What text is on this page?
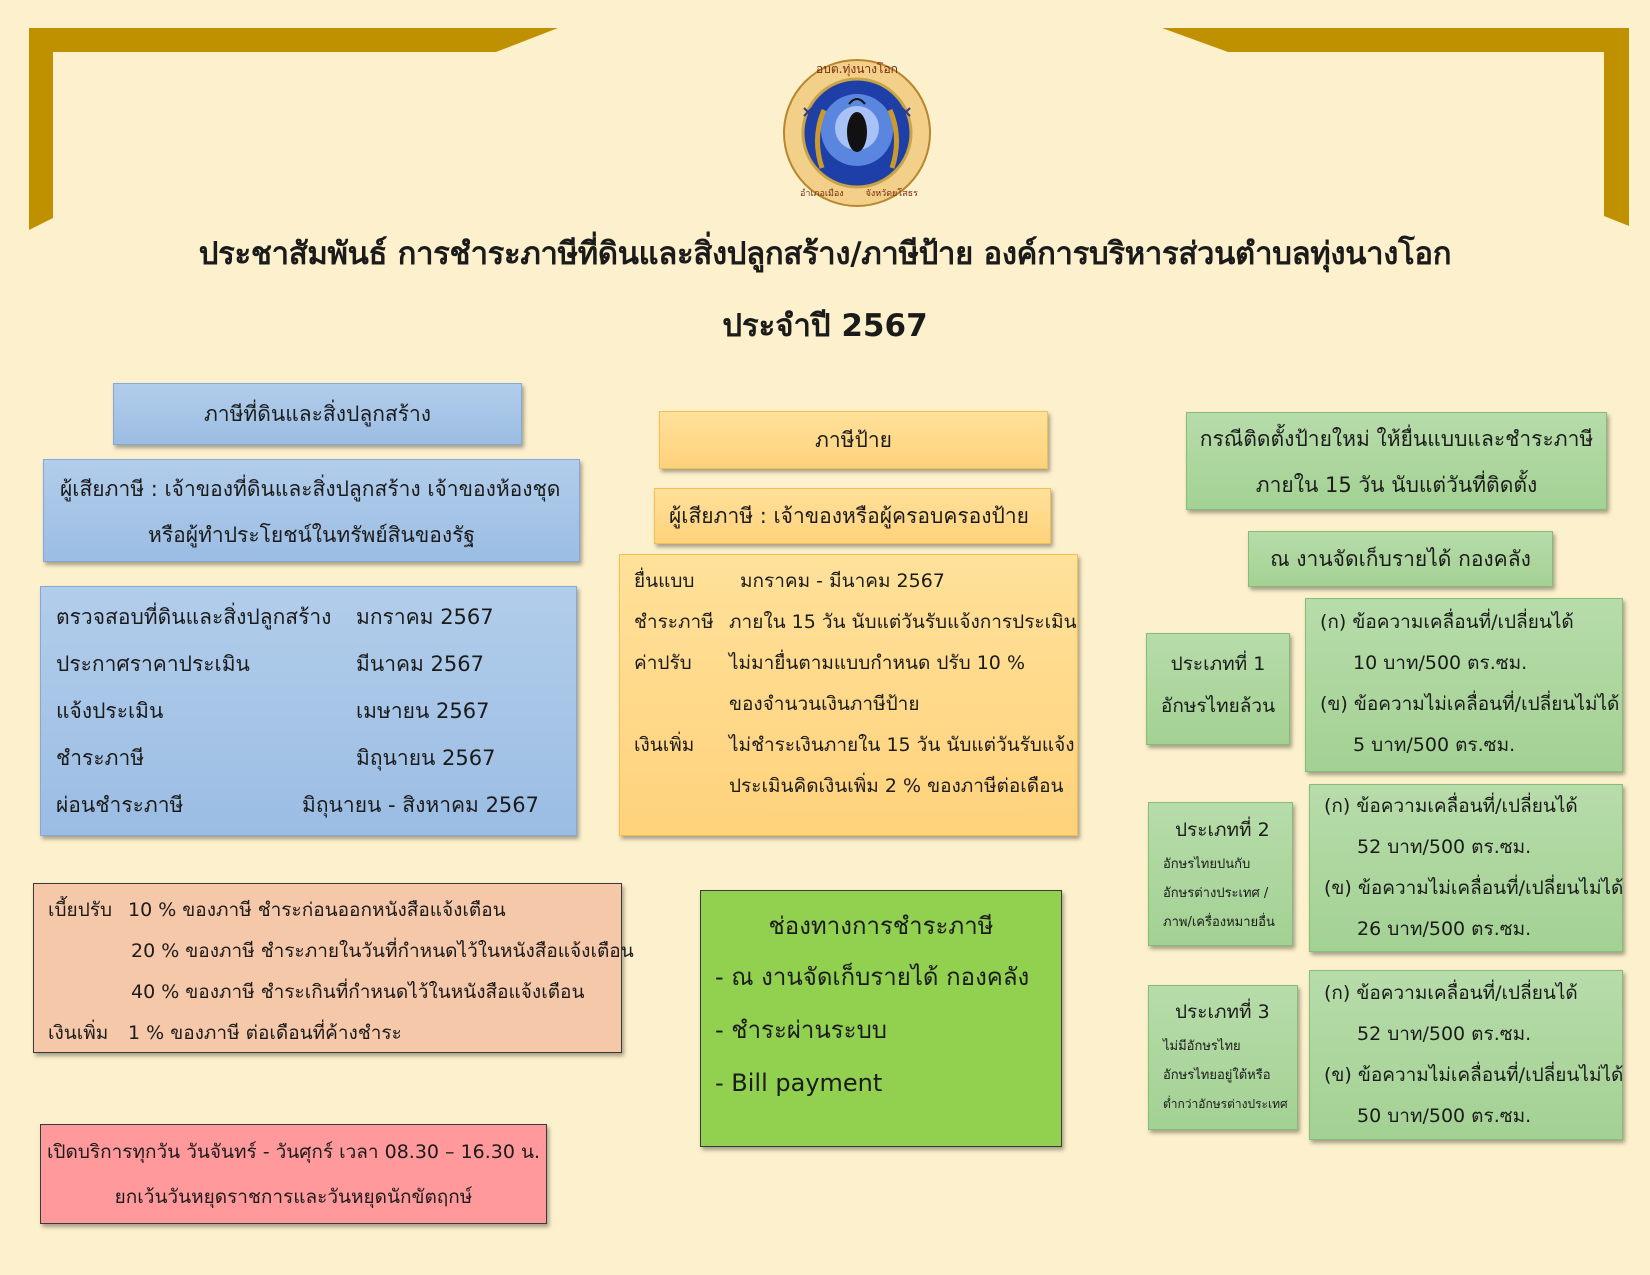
อบต.ทุ่งนางโอก
อำเภอเมือง จังหวัดยโสธร
ประชาสัมพันธ์ การชำระภาษีที่ดินและสิ่งปลูกสร้าง/ภาษีป้าย องค์การบริหารส่วนตำบลทุ่งนางโอก
ประจำปี 2567
ภาษีที่ดินและสิ่งปลูกสร้าง
ผู้เสียภาษี : เจ้าของที่ดินและสิ่งปลูกสร้าง เจ้าของห้องชุด
หรือผู้ทำประโยชน์ในทรัพย์สินของรัฐ
ตรวจสอบที่ดินและสิ่งปลูกสร้าง	มกราคม 2567
ประกาศราคาประเมิน	มีนาคม 2567
แจ้งประเมิน	เมษายน 2567
ชำระภาษี	มิถุนายน 2567
ผ่อนชำระภาษี	มิถุนายน - สิงหาคม 2567
เบี้ยปรับ 10 % ของภาษี ชำระก่อนออกหนังสือแจ้งเตือน
20 % ของภาษี ชำระภายในวันที่กำหนดไว้ในหนังสือแจ้งเตือน
40 % ของภาษี ชำระเกินที่กำหนดไว้ในหนังสือแจ้งเตือน
เงินเพิ่ม 1 % ของภาษี ต่อเดือนที่ค้างชำระ
เปิดบริการทุกวัน วันจันทร์ - วันศุกร์ เวลา 08.30 – 16.30 น.
ยกเว้นวันหยุดราชการและวันหยุดนักขัตฤกษ์
ภาษีป้าย
ผู้เสียภาษี : เจ้าของหรือผู้ครอบครองป้าย
ยื่นแบบ	มกราคม - มีนาคม 2567
ชำระภาษี ภายใน 15 วัน นับแต่วันรับแจ้งการประเมิน
ค่าปรับ	ไม่มายื่นตามแบบกำหนด ปรับ 10 %
ของจำนวนเงินภาษีป้าย
เงินเพิ่ม	ไม่ชำระเงินภายใน 15 วัน นับแต่วันรับแจ้ง
ประเมินคิดเงินเพิ่ม 2 % ของภาษีต่อเดือน
ช่องทางการชำระภาษี
- ณ งานจัดเก็บรายได้ กองคลัง
- ชำระผ่านระบบ
- Bill payment
กรณีติดตั้งป้ายใหม่ ให้ยื่นแบบและชำระภาษี
ภายใน 15 วัน นับแต่วันที่ติดตั้ง
ณ งานจัดเก็บรายได้ กองคลัง
ประเภทที่ 1
อักษรไทยล้วน
(ก) ข้อความเคลื่อนที่/เปลี่ยนได้
10 บาท/500 ตร.ซม.
(ข) ข้อความไม่เคลื่อนที่/เปลี่ยนไม่ได้
5 บาท/500 ตร.ซม.
ประเภทที่ 2
อักษรไทยปนกับ
อักษรต่างประเทศ /
ภาพ/เครื่องหมายอื่น
(ก) ข้อความเคลื่อนที่/เปลี่ยนได้
52 บาท/500 ตร.ซม.
(ข) ข้อความไม่เคลื่อนที่/เปลี่ยนไม่ได้
26 บาท/500 ตร.ซม.
ประเภทที่ 3
ไม่มีอักษรไทย
อักษรไทยอยู่ใต้หรือ
ต่ำกว่าอักษรต่างประเทศ
(ก) ข้อความเคลื่อนที่/เปลี่ยนได้
52 บาท/500 ตร.ซม.
(ข) ข้อความไม่เคลื่อนที่/เปลี่ยนไม่ได้
50 บาท/500 ตร.ซม.
